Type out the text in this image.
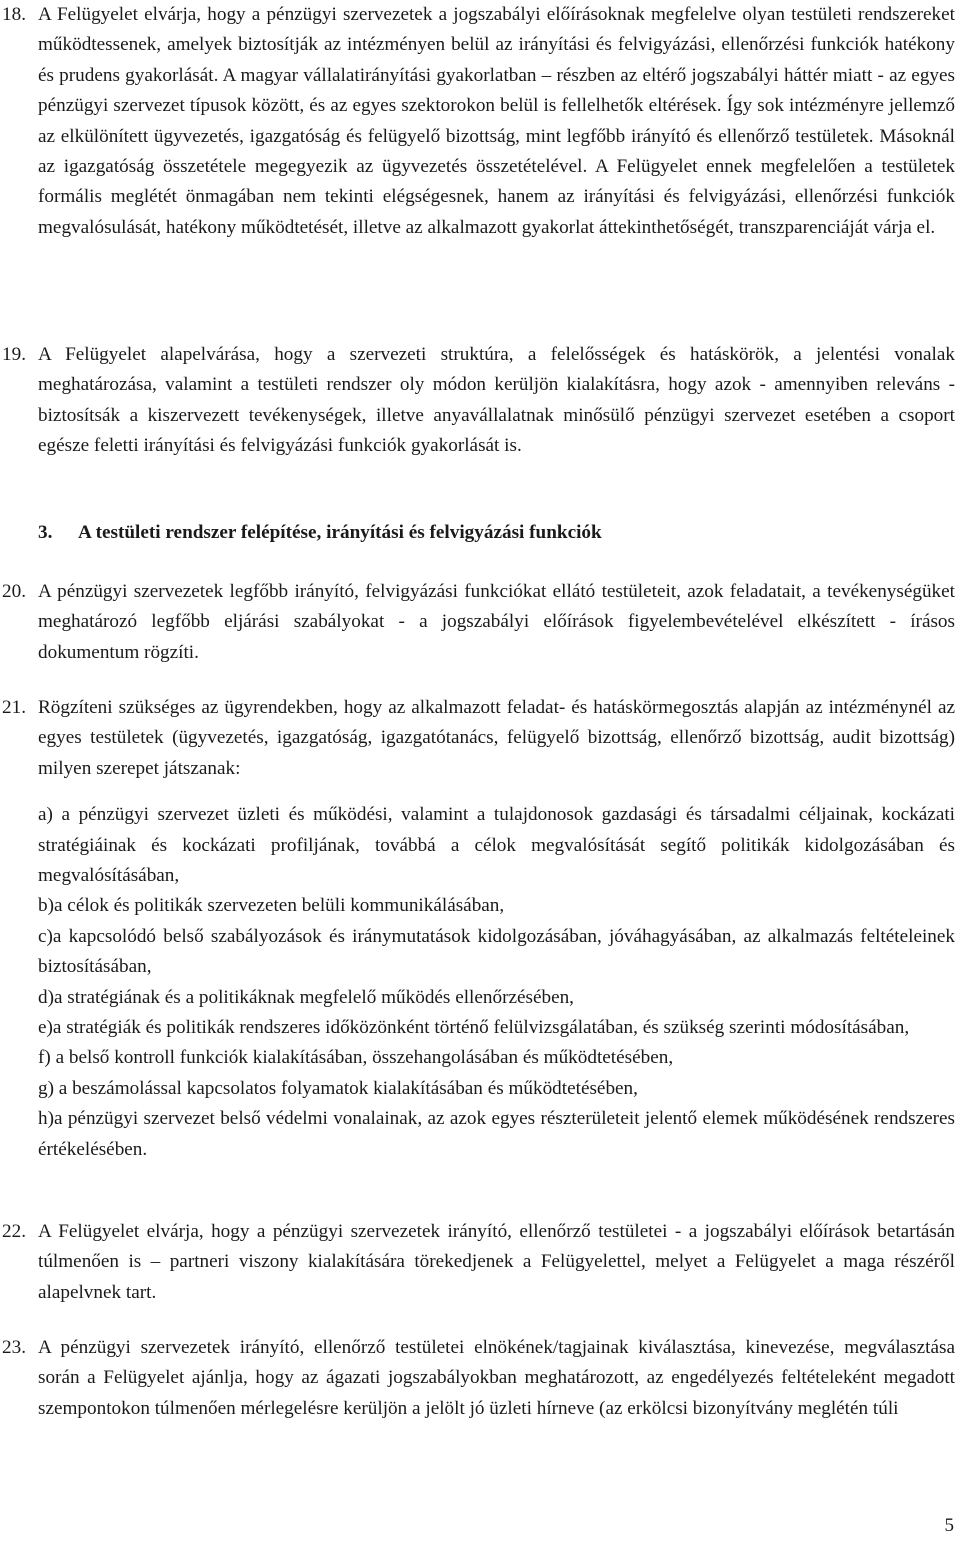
18. A Felügyelet elvárja, hogy a pénzügyi szervezetek a jogszabályi előírásoknak megfelelve olyan testületi rendszereket működtessenek, amelyek biztosítják az intézményen belül az irányítási és felvigyázási, ellenőrzési funkciók hatékony és prudens gyakorlását. A magyar vállalatirányítási gyakorlatban – részben az eltérő jogszabályi háttér miatt - az egyes pénzügyi szervezet típusok között, és az egyes szektorokon belül is fellelhetők eltérések. Így sok intézményre jellemző az elkülönített ügyvezetés, igazgatóság és felügyelő bizottság, mint legfőbb irányító és ellenőrző testületek. Másoknál az igazgatóság összetétele megegyezik az ügyvezetés összetételével. A Felügyelet ennek megfelelően a testületek formális meglétét önmagában nem tekinti elégségesnek, hanem az irányítási és felvigyázási, ellenőrzési funkciók megvalósulását, hatékony működtetését, illetve az alkalmazott gyakorlat áttekinthetőségét, transzparenciáját várja el.
19. A Felügyelet alapelvárása, hogy a szervezeti struktúra, a felelősségek és hatáskörök, a jelentési vonalak meghatározása, valamint a testületi rendszer oly módon kerüljön kialakításra, hogy azok - amennyiben releváns - biztosítsák a kiszervezett tevékenységek, illetve anyavállalatnak minősülő pénzügyi szervezet esetében a csoport egésze feletti irányítási és felvigyázási funkciók gyakorlását is.
3.	A testületi rendszer felépítése, irányítási és felvigyázási funkciók
20. A pénzügyi szervezetek legfőbb irányító, felvigyázási funkciókat ellátó testületeit, azok feladatait, a tevékenységüket meghatározó legfőbb eljárási szabályokat - a jogszabályi előírások figyelembevételével elkészített - írásos dokumentum rögzíti.
21. Rögzíteni szükséges az ügyrendekben, hogy az alkalmazott feladat- és hatáskörmegosztás alapján az intézménynél az egyes testületek (ügyvezetés, igazgatóság, igazgatótanács, felügyelő bizottság, ellenőrző bizottság, audit bizottság) milyen szerepet játszanak:
a) a pénzügyi szervezet üzleti és működési, valamint a tulajdonosok gazdasági és társadalmi céljainak, kockázati stratégiáinak és kockázati profiljának, továbbá a célok megvalósítását segítő politikák kidolgozásában és megvalósításában,
b)a célok és politikák szervezeten belüli kommunikálásában,
c)a kapcsolódó belső szabályozások és iránymutatások kidolgozásában, jóváhagyásában, az alkalmazás feltételeinek biztosításában,
d)a stratégiának és a politikáknak megfelelő működés ellenőrzésében,
e)a stratégiák és politikák rendszeres időközönként történő felülvizsgálatában, és szükség szerinti módosításában,
f) a belső kontroll funkciók kialakításában, összehangolásában és működtetésében,
g) a beszámolással kapcsolatos folyamatok kialakításában és működtetésében,
h)a pénzügyi szervezet belső védelmi vonalainak, az azok egyes részterületeit jelentő elemek működésének rendszeres értékelésében.
22. A Felügyelet elvárja, hogy a pénzügyi szervezetek irányító, ellenőrző testületei - a jogszabályi előírások betartásán túlmenően is – partneri viszony kialakítására törekedjenek a Felügyelettel, melyet a Felügyelet a maga részéről alapelvnek tart.
23. A pénzügyi szervezetek irányító, ellenőrző testületei elnökének/tagjainak kiválasztása, kinevezése, megválasztása során a Felügyelet ajánlja, hogy az ágazati jogszabályokban meghatározott, az engedélyezés feltételeként megadott szempontokon túlmenően mérlegelésre kerüljön a jelölt jó üzleti hírneve (az erkölcsi bizonyítvány meglétén túli
5
